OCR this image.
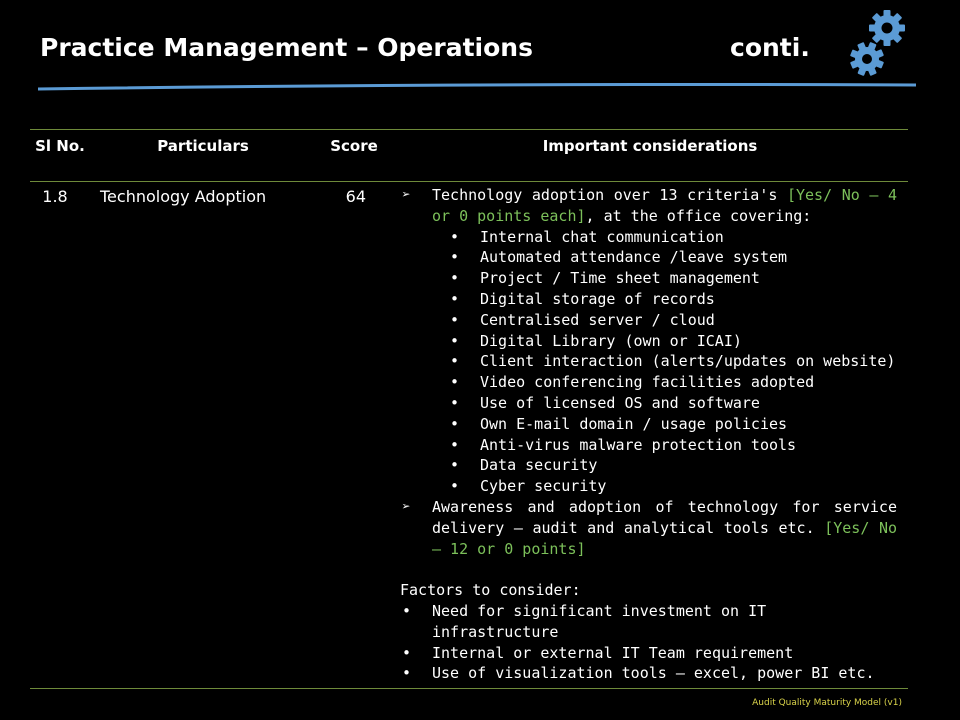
Practice Management – Operations	conti.
Sl No.	Particulars	Score	Important considerations
1.8	Technology Adoption	64	➢ Technology adoption over 13 criteria's [Yes/ No – 4 or 0 points each], at the office covering:
• Internal chat communication
• Automated attendance /leave system
• Project / Time sheet management
• Digital storage of records
• Centralised server / cloud
• Digital Library (own or ICAI)
• Client interaction (alerts/updates on website)
• Video conferencing facilities adopted
• Use of licensed OS and software
• Own E-mail domain / usage policies
• Anti-virus malware protection tools
• Data security
• Cyber security
➢ Awareness and adoption of technology for service delivery – audit and analytical tools etc. [Yes/ No – 12 or 0 points]
Factors to consider:
• Need for significant investment on IT infrastructure
• Internal or external IT Team requirement
• Use of visualization tools – excel, power BI etc.
Audit Quality Maturity Model (v1)
